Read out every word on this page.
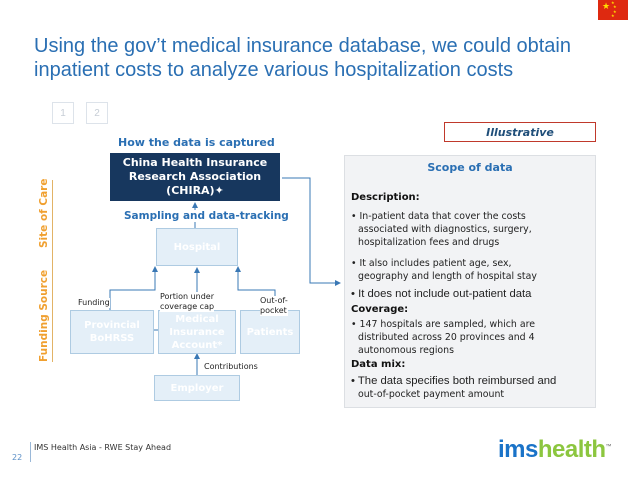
★ ★
★
★
★
Using the gov’t medical insurance database, we could obtain inpatient costs to analyze various hospitalization costs
1	2
Illustrative
How the data is captured
Site of Care
Funding Source
China Health Insurance
Research Association
(CHIRA)✦
Sampling and data-tracking
Hospital
Provincial
BoHRSS
Medical
Insurance
Account*
Patients
Employer
Funding
Portion under
coverage cap
Out-of-
pocket
Contributions
Scope of data
Description:
• In-patient data that cover the costs
associated with diagnostics, surgery,
hospitalization fees and drugs
• It also includes patient age, sex,
geography and length of hospital stay
• It does not include out-patient data
Coverage:
• 147 hospitals are sampled, which are
distributed across 20 provinces and 4
autonomous regions
Data mix:
• The data specifies both reimbursed and
out-of-pocket payment amount
IMS Health Asia - RWE Stay Ahead
22	imshealth™
